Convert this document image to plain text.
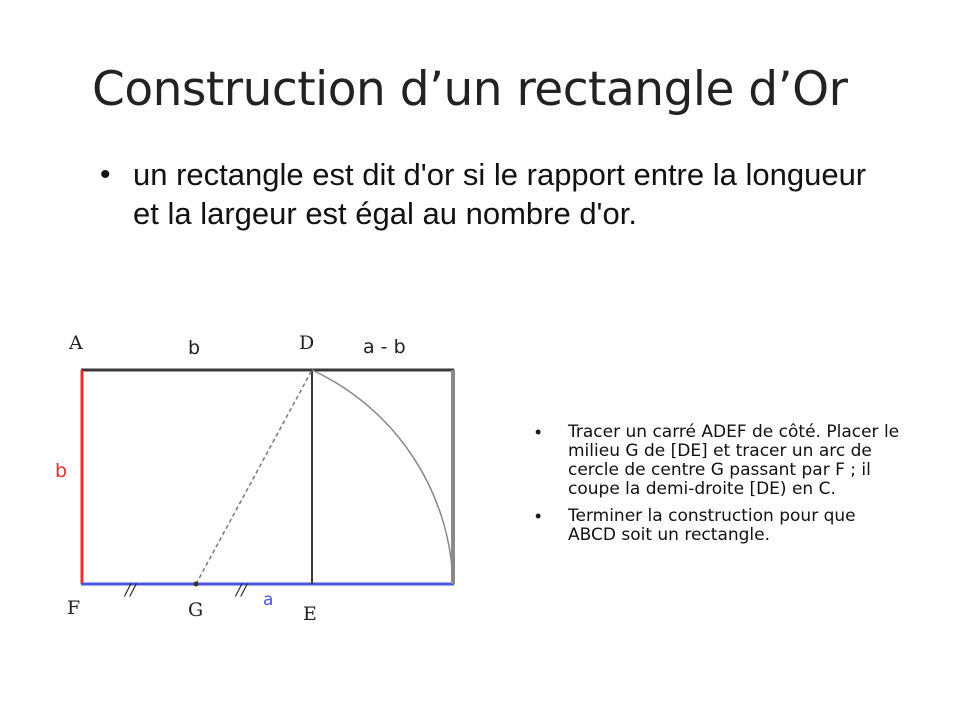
Construction d’un rectangle d’Or
• un rectangle est dit d'or si le rapport entre la longueur et la largeur est égal au nombre d'or.
A	b	D	a - b
b
F	G	E
a
//	//
• Tracer un carré ADEF de côté. Placer le milieu G de [DE] et tracer un arc de cercle de centre G passant par F ; il coupe la demi-droite [DE) en C.
• Terminer la construction pour que ABCD soit un rectangle.
